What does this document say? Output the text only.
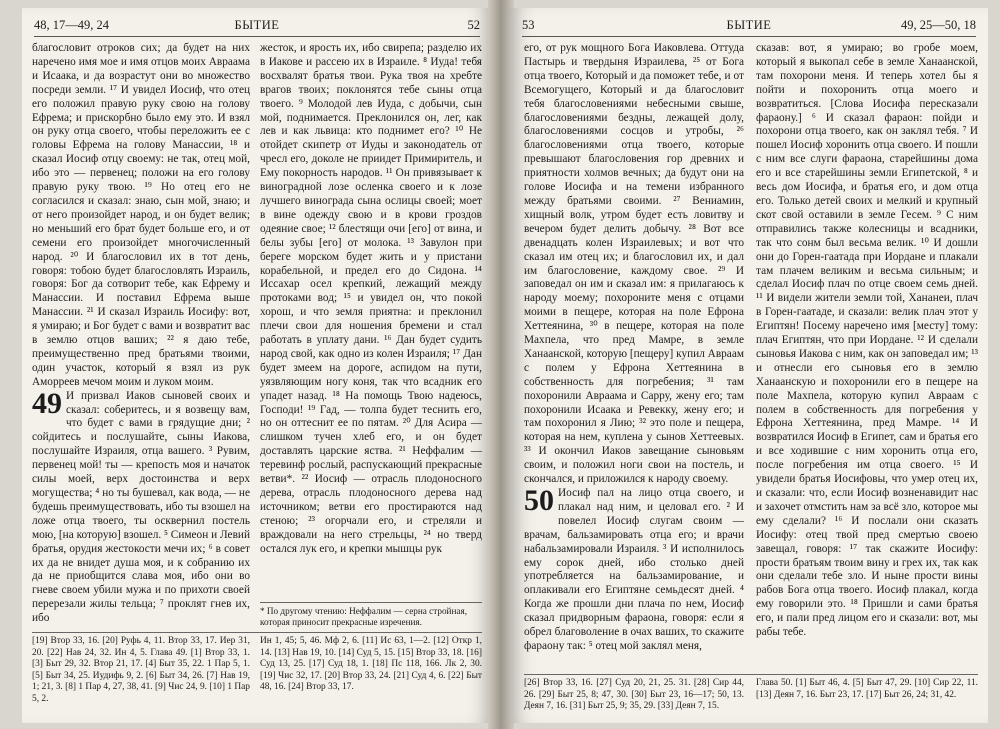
48, 17—49, 24	БЫТИЕ	52

благословит отроков сих; да будет на них наречено имя мое и имя отцов моих Авраама и Исаака, и да возрастут они во множество посреди земли. ¹⁷ И увидел Иосиф, что отец его положил правую руку свою на голову Ефрема; и прискорбно было ему это. И взял он руку отца своего, чтобы переложить ее с головы Ефрема на голову Манассии, ¹⁸ и сказал Иосиф отцу своему: не так, отец мой, ибо это — первенец; положи на его голову правую руку твою. ¹⁹ Но отец его не согласился и сказал: знаю, сын мой, знаю; и от него произойдет народ, и он будет велик; но меньший его брат будет больше его, и от семени его произойдет многочисленный народ. ²⁰ И благословил их в тот день, говоря: тобою будет благословлять Израиль, говоря: Бог да сотворит тебе, как Ефрему и Манассии. И поставил Ефрема выше Манассии. ²¹ И сказал Израиль Иосифу: вот, я умираю; и Бог будет с вами и возвратит вас в землю отцов ваших; ²² я даю тебе, преимущественно пред братьями твоими, один участок, который я взял из рук Аморреев мечом моим и луком моим.

49 И призвал Иаков сыновей своих и сказал: соберитесь, и я возвещу вам, что будет с вами в грядущие дни; ² сойдитесь и послушайте, сыны Иакова, послушайте Израиля, отца вашего. ³ Рувим, первенец мой! ты — крепость моя и начаток силы моей, верх достоинства и верх могущества; ⁴ но ты бушевал, как вода, — не будешь преимуществовать, ибо ты взошел на ложе отца твоего, ты осквернил постель мою, [на которую] взошел. ⁵ Симеон и Левий братья, орудия жестокости мечи их; ⁶ в совет их да не внидет душа моя, и к собранию их да не приобщится слава моя, ибо они во гневе своем убили мужа и по прихоти своей перерезали жилы тельца; ⁷ проклят гнев их, ибо

жесток, и ярость их, ибо свирепа; разделю их в Иакове и рассею их в Израиле. ⁸ Иуда! тебя восхвалят братья твои. Рука твоя на хребте врагов твоих; поклонятся тебе сыны отца твоего. ⁹ Молодой лев Иуда, с добычи, сын мой, поднимается. Преклонился он, лег, как лев и как львица: кто поднимет его? ¹⁰ Не отойдет скипетр от Иуды и законодатель от чресл его, доколе не приидет Примиритель, и Ему покорность народов. ¹¹ Он привязывает к виноградной лозе осленка своего и к лозе лучшего винограда сына ослицы своей; моет в вине одежду свою и в крови гроздов одеяние свое; ¹² блестящи очи [его] от вина, и белы зубы [его] от молока. ¹³ Завулон при береге морском будет жить и у пристани корабельной, и предел его до Сидона. ¹⁴ Иссахар осел крепкий, лежащий между протоками вод; ¹⁵ и увидел он, что покой хорош, и что земля приятна: и преклонил плечи свои для ношения бремени и стал работать в уплату дани. ¹⁶ Дан будет судить народ свой, как одно из колен Израиля; ¹⁷ Дан будет змеем на дороге, аспидом на пути, уязвляющим ногу коня, так что всадник его упадет назад. ¹⁸ На помощь Твою надеюсь, Господи! ¹⁹ Гад, — толпа будет теснить его, но он оттеснит ее по пятам. ²⁰ Для Асира — слишком тучен хлеб его, и он будет доставлять царские яства. ²¹ Неффалим — теревинф рослый, распускающий прекрасные ветви*. ²² Иосиф — отрасль плодоносного дерева, отрасль плодоносного дерева над источником; ветви его простираются над стеною; ²³ огорчали его, и стреляли и враждовали на него стрельцы, ²⁴ но тверд остался лук его, и крепки мышцы рук

* По другому чтению: Неффалим — серна стройная, которая приносит прекрасные изречения.
[19] Втор 33, 16. [20] Руфь 4, 11. Втор 33, 17. Иер 31, 20. [22] Нав 24, 32. Ин 4, 5. Глава 49. [1] Втор 33, 1. [3] Быт 29, 32. Втор 21, 17. [4] Быт 35, 22. 1 Пар 5, 1. [5] Быт 34, 25. Иудифь 9, 2. [6] Быт 34, 26. [7] Нав 19, 1; 21, 3. [8] 1 Пар 4, 27, 38, 41. [9] Чис 24, 9. [10] 1 Пар 5, 2.
Ин 1, 45; 5, 46. Мф 2, 6. [11] Ис 63, 1—2. [12] Откр 1, 14. [13] Нав 19, 10. [14] Суд 5, 15. [15] Втор 33, 18. [16] Суд 13, 25. [17] Суд 18, 1. [18] Пс 118, 166. Лк 2, 30. [19] Чис 32, 17. [20] Втор 33, 24. [21] Суд 4, 6. [22] Быт 48, 16. [24] Втор 33, 17.
53	БЫТИЕ	49, 25—50, 18

его, от рук мощного Бога Иаковлева. Оттуда Пастырь и твердыня Израилева, ²⁵ от Бога отца твоего, Который и да поможет тебе, и от Всемогущего, Который и да благословит тебя благословениями небесными свыше, благословениями бездны, лежащей долу, благословениями сосцов и утробы, ²⁶ благословениями отца твоего, которые превышают благословения гор древних и приятности холмов вечных; да будут они на голове Иосифа и на темени избранного между братьями своими. ²⁷ Вениамин, хищный волк, утром будет есть ловитву и вечером будет делить добычу. ²⁸ Вот все двенадцать колен Израилевых; и вот что сказал им отец их; и благословил их, и дал им благословение, каждому свое. ²⁹ И заповедал он им и сказал им: я прилагаюсь к народу моему; похороните меня с отцами моими в пещере, которая на поле Ефрона Хеттеянина, ³⁰ в пещере, которая на поле Махпела, что пред Мамре, в земле Ханаанской, которую [пещеру] купил Авраам с полем у Ефрона Хеттеянина в собственность для погребения; ³¹ там похоронили Авраама и Сарру, жену его; там похоронили Исаака и Ревекку, жену его; и там похоронил я Лию; ³² это поле и пещера, которая на нем, куплена у сынов Хеттеевых. ³³ И окончил Иаков завещание сыновьям своим, и положил ноги свои на постель, и скончался, и приложился к народу своему.

50 Иосиф пал на лицо отца своего, и плакал над ним, и целовал его. ² И повелел Иосиф слугам своим — врачам, бальзамировать отца его; и врачи набальзамировали Израиля. ³ И исполнилось ему сорок дней, ибо столько дней употребляется на бальзамирование, и оплакивали его Египтяне семьдесят дней. ⁴ Когда же прошли дни плача по нем, Иосиф сказал придворным фараона, говоря: если я обрел благоволение в очах ваших, то скажите фараону так: ⁵ отец мой заклял меня,

сказав: вот, я умираю; во гробе моем, который я выкопал себе в земле Ханаанской, там похорони меня. И теперь хотел бы я пойти и похоронить отца моего и возвратиться. [Слова Иосифа пересказали фараону.] ⁶ И сказал фараон: пойди и похорони отца твоего, как он заклял тебя. ⁷ И пошел Иосиф хоронить отца своего. И пошли с ним все слуги фараона, старейшины дома его и все старейшины земли Египетской, ⁸ и весь дом Иосифа, и братья его, и дом отца его. Только детей своих и мелкий и крупный скот свой оставили в земле Гесем. ⁹ С ним отправились также колесницы и всадники, так что сонм был весьма велик. ¹⁰ И дошли они до Горен-гаатада при Иордане и плакали там плачем великим и весьма сильным; и сделал Иосиф плач по отце своем семь дней. ¹¹ И видели жители земли той, Хананеи, плач в Горен-гаатаде, и сказали: велик плач этот у Египтян! Посему наречено имя [месту] тому: плач Египтян, что при Иордане. ¹² И сделали сыновья Иакова с ним, как он заповедал им; ¹³ и отнесли его сыновья его в землю Ханаанскую и похоронили его в пещере на поле Махпела, которую купил Авраам с полем в собственность для погребения у Ефрона Хеттеянина, пред Мамре. ¹⁴ И возвратился Иосиф в Египет, сам и братья его и все ходившие с ним хоронить отца его, после погребения им отца своего. ¹⁵ И увидели братья Иосифовы, что умер отец их, и сказали: что, если Иосиф возненавидит нас и захочет отмстить нам за всё зло, которое мы ему сделали? ¹⁶ И послали они сказать Иосифу: отец твой пред смертью своею завещал, говоря: ¹⁷ так скажите Иосифу: прости братьям твоим вину и грех их, так как они сделали тебе зло. И ныне прости вины рабов Бога отца твоего. Иосиф плакал, когда ему говорили это. ¹⁸ Пришли и сами братья его, и пали пред лицом его и сказали: вот, мы рабы тебе.

[26] Втор 33, 16. [27] Суд 20, 21, 25. 31. [28] Сир 44, 26. [29] Быт 25, 8; 47, 30. [30] Быт 23, 16—17; 50, 13. Деян 7, 16. [31] Быт 25, 9; 35, 29. [33] Деян 7, 15.
Глава 50. [1] Быт 46, 4. [5] Быт 47, 29. [10] Сир 22, 11. [13] Деян 7, 16. Быт 23, 17. [17] Быт 26, 24; 31, 42.
